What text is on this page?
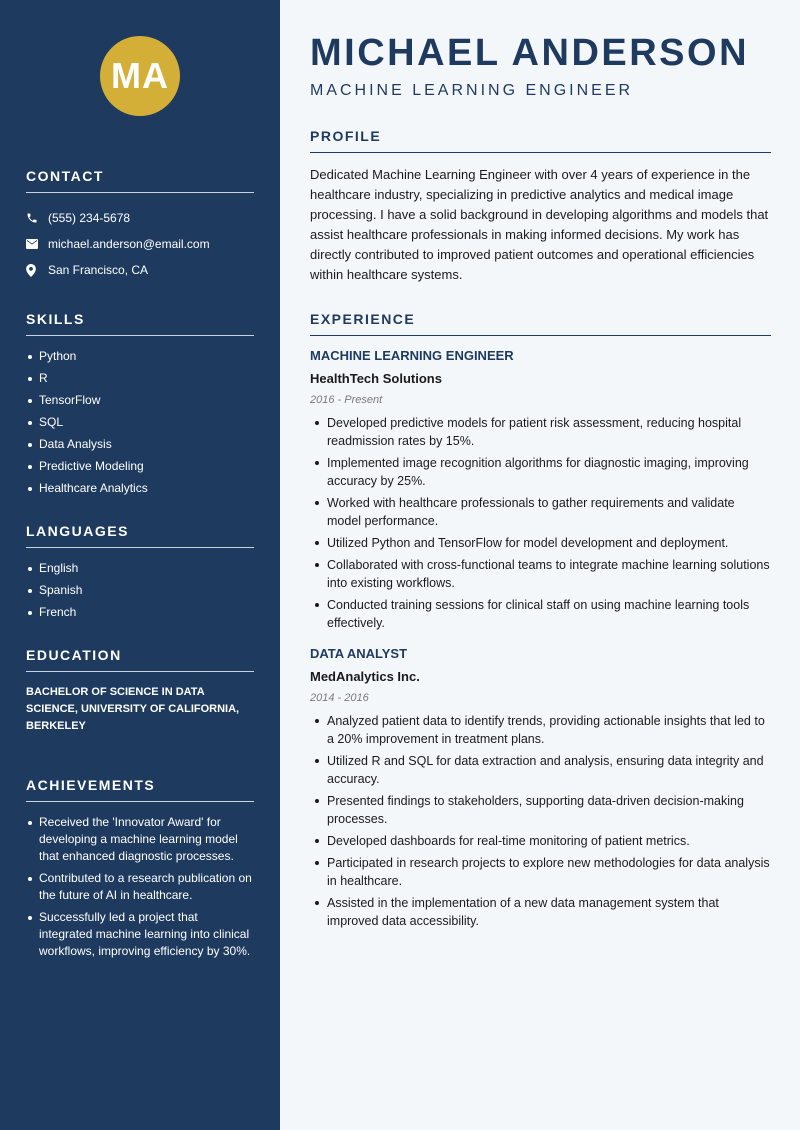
MA
CONTACT
(555) 234-5678
michael.anderson@email.com
San Francisco, CA
SKILLS
Python
R
TensorFlow
SQL
Data Analysis
Predictive Modeling
Healthcare Analytics
LANGUAGES
English
Spanish
French
EDUCATION
BACHELOR OF SCIENCE IN DATA SCIENCE, UNIVERSITY OF CALIFORNIA, BERKELEY
ACHIEVEMENTS
Received the 'Innovator Award' for developing a machine learning model that enhanced diagnostic processes.
Contributed to a research publication on the future of AI in healthcare.
Successfully led a project that integrated machine learning into clinical workflows, improving efficiency by 30%.
MICHAEL ANDERSON
MACHINE LEARNING ENGINEER
PROFILE

Dedicated Machine Learning Engineer with over 4 years of experience in the healthcare industry, specializing in predictive analytics and medical image processing. I have a solid background in developing algorithms and models that assist healthcare professionals in making informed decisions. My work has directly contributed to improved patient outcomes and operational efficiencies within healthcare systems.

EXPERIENCE
MACHINE LEARNING ENGINEER
HealthTech Solutions
2016 - Present
Developed predictive models for patient risk assessment, reducing hospital readmission rates by 15%.
Implemented image recognition algorithms for diagnostic imaging, improving accuracy by 25%.
Worked with healthcare professionals to gather requirements and validate model performance.
Utilized Python and TensorFlow for model development and deployment.
Collaborated with cross-functional teams to integrate machine learning solutions into existing workflows.
Conducted training sessions for clinical staff on using machine learning tools effectively.
DATA ANALYST
MedAnalytics Inc.
2014 - 2016
Analyzed patient data to identify trends, providing actionable insights that led to a 20% improvement in treatment plans.
Utilized R and SQL for data extraction and analysis, ensuring data integrity and accuracy.
Presented findings to stakeholders, supporting data-driven decision-making processes.
Developed dashboards for real-time monitoring of patient metrics.
Participated in research projects to explore new methodologies for data analysis in healthcare.
Assisted in the implementation of a new data management system that improved data accessibility.
